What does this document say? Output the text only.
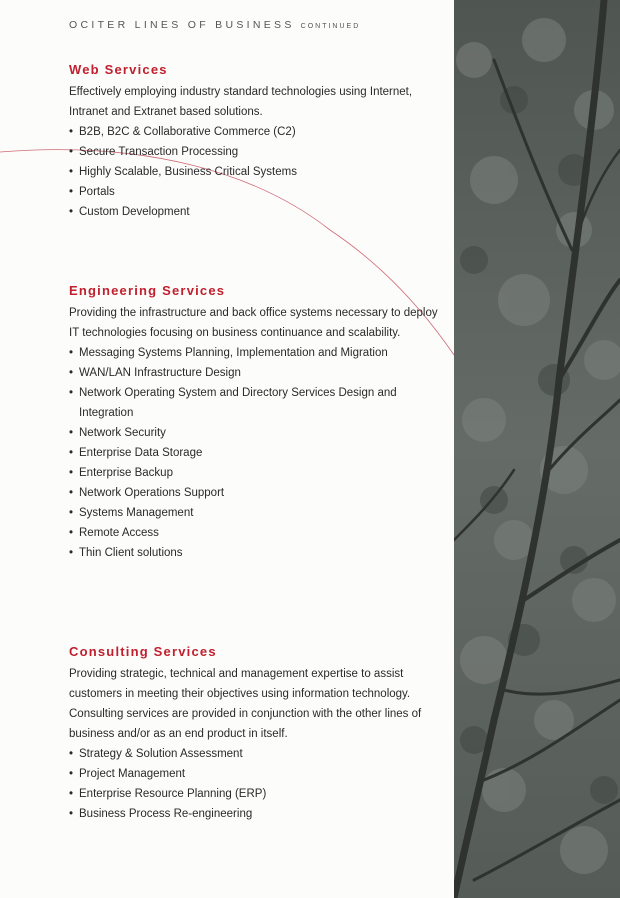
OCITER LINES OF BUSINESS CONTINUED
Web Services

Effectively employing industry standard technologies using Internet, Intranet and Extranet based solutions.

• B2B, B2C & Collaborative Commerce (C2)
• Secure Transaction Processing
• Highly Scalable, Business Critical Systems
• Portals
• Custom Development
Engineering Services

Providing the infrastructure and back office systems necessary to deploy IT technologies focusing on business continuance and scalability.

• Messaging Systems Planning, Implementation and Migration
• WAN/LAN Infrastructure Design
• Network Operating System and Directory Services Design and Integration
• Network Security
• Enterprise Data Storage
• Enterprise Backup
• Network Operations Support
• Systems Management
• Remote Access
• Thin Client solutions
Consulting Services

Providing strategic, technical and management expertise to assist customers in meeting their objectives using information technology. Consulting services are provided in conjunction with the other lines of business and/or as an end product in itself.

• Strategy & Solution Assessment
• Project Management
• Enterprise Resource Planning (ERP)
• Business Process Re-engineering
